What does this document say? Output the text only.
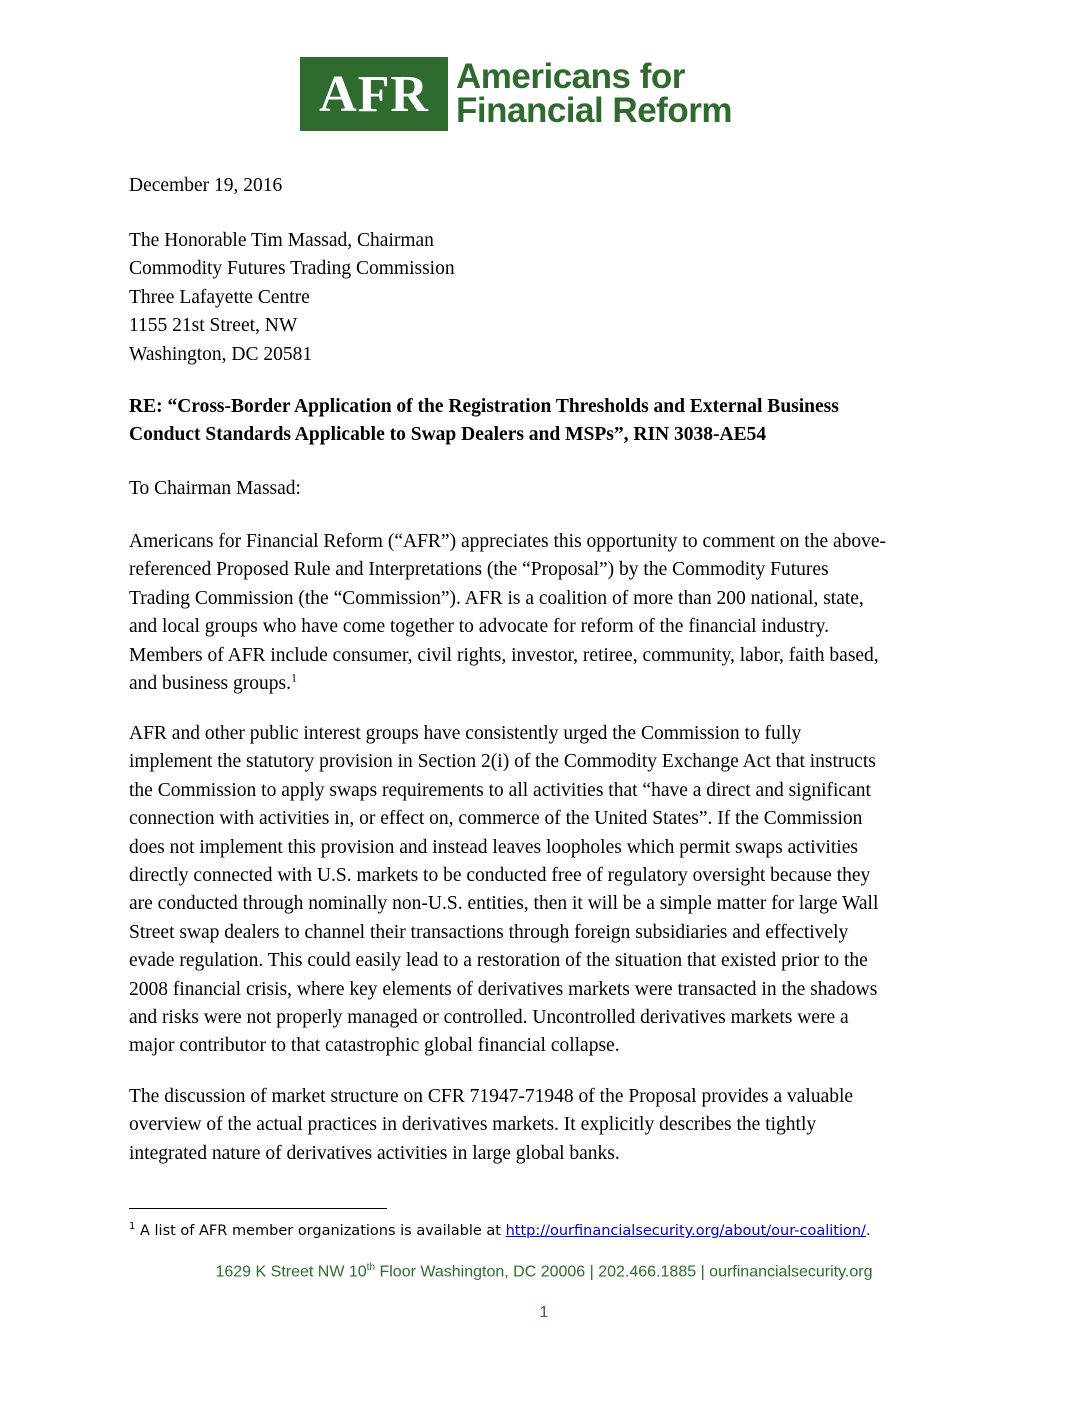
AFR Americans for
Financial Reform
December 19, 2016
The Honorable Tim Massad, Chairman
Commodity Futures Trading Commission
Three Lafayette Centre
1155 21st Street, NW
Washington, DC 20581
RE: “Cross-Border Application of the Registration Thresholds and External Business
Conduct Standards Applicable to Swap Dealers and MSPs”, RIN 3038-AE54
To Chairman Massad:
Americans for Financial Reform (“AFR”) appreciates this opportunity to comment on the above-
referenced Proposed Rule and Interpretations (the “Proposal”) by the Commodity Futures
Trading Commission (the “Commission”). AFR is a coalition of more than 200 national, state,
and local groups who have come together to advocate for reform of the financial industry.
Members of AFR include consumer, civil rights, investor, retiree, community, labor, faith based,
and business groups.$^1$
AFR and other public interest groups have consistently urged the Commission to fully
implement the statutory provision in Section 2(i) of the Commodity Exchange Act that instructs
the Commission to apply swaps requirements to all activities that “have a direct and significant
connection with activities in, or effect on, commerce of the United States”. If the Commission
does not implement this provision and instead leaves loopholes which permit swaps activities
directly connected with U.S. markets to be conducted free of regulatory oversight because they
are conducted through nominally non-U.S. entities, then it will be a simple matter for large Wall
Street swap dealers to channel their transactions through foreign subsidiaries and effectively
evade regulation. This could easily lead to a restoration of the situation that existed prior to the
2008 financial crisis, where key elements of derivatives markets were transacted in the shadows
and risks were not properly managed or controlled. Uncontrolled derivatives markets were a
major contributor to that catastrophic global financial collapse.
The discussion of market structure on CFR 71947-71948 of the Proposal provides a valuable
overview of the actual practices in derivatives markets. It explicitly describes the tightly
integrated nature of derivatives activities in large global banks.
$^1$ A list of AFR member organizations is available at http://ourfinancialsecurity.org/about/our-coalition/.
1629 K Street NW 10th Floor Washington, DC 20006 | 202.466.1885 | ourfinancialsecurity.org
1
